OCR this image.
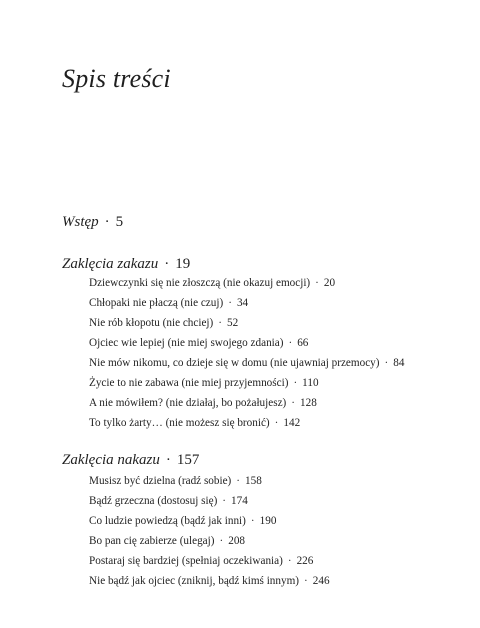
Spis treści
Wstęp · 5
Zaklęcia zakazu · 19
Dziewczynki się nie złoszczą (nie okazuj emocji) · 20
Chłopaki nie płaczą (nie czuj) · 34
Nie rób kłopotu (nie chciej) · 52
Ojciec wie lepiej (nie miej swojego zdania) · 66
Nie mów nikomu, co dzieje się w domu (nie ujawniaj przemocy) · 84
Życie to nie zabawa (nie miej przyjemności) · 110
A nie mówiłem? (nie działaj, bo pożałujesz) · 128
To tylko żarty… (nie możesz się bronić) · 142
Zaklęcia nakazu · 157
Musisz być dzielna (radź sobie) · 158
Bądź grzeczna (dostosuj się) · 174
Co ludzie powiedzą (bądź jak inni) · 190
Bo pan cię zabierze (ulegaj) · 208
Postaraj się bardziej (spełniaj oczekiwania) · 226
Nie bądź jak ojciec (zniknij, bądź kimś innym) · 246
